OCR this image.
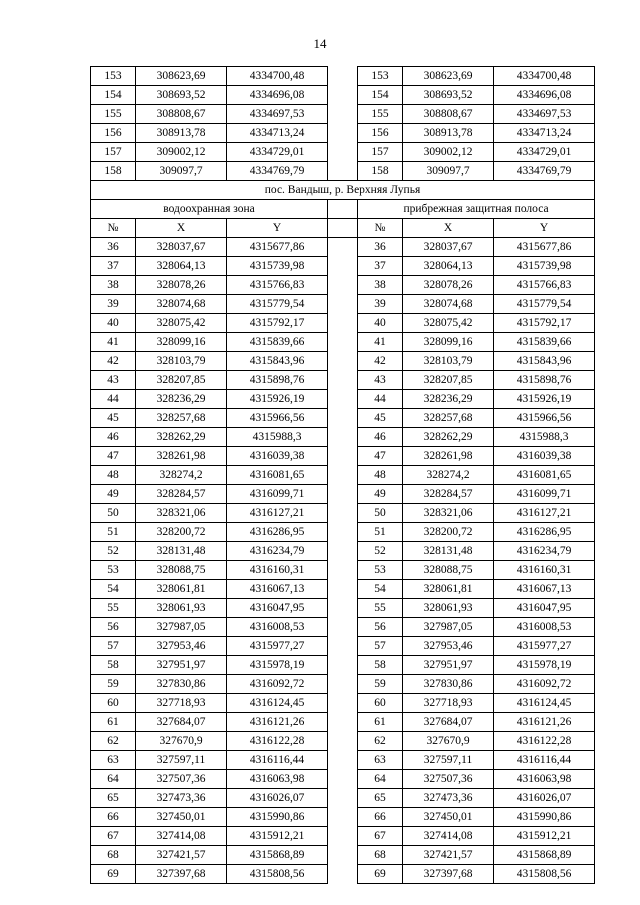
14
153	308623,69	4334700,48		153	308623,69	4334700,48
154	308693,52	4334696,08		154	308693,52	4334696,08
155	308808,67	4334697,53		155	308808,67	4334697,53
156	308913,78	4334713,24		156	308913,78	4334713,24
157	309002,12	4334729,01		157	309002,12	4334729,01
158	309097,7	4334769,79		158	309097,7	4334769,79
пос. Вандыш, р. Верхняя Лупья						
водоохранная зона				прибрежная защитная полоса		
№	X	Y		№	X	Y
36	328037,67	4315677,86		36	328037,67	4315677,86
37	328064,13	4315739,98		37	328064,13	4315739,98
38	328078,26	4315766,83		38	328078,26	4315766,83
39	328074,68	4315779,54		39	328074,68	4315779,54
40	328075,42	4315792,17		40	328075,42	4315792,17
41	328099,16	4315839,66		41	328099,16	4315839,66
42	328103,79	4315843,96		42	328103,79	4315843,96
43	328207,85	4315898,76		43	328207,85	4315898,76
44	328236,29	4315926,19		44	328236,29	4315926,19
45	328257,68	4315966,56		45	328257,68	4315966,56
46	328262,29	4315988,3		46	328262,29	4315988,3
47	328261,98	4316039,38		47	328261,98	4316039,38
48	328274,2	4316081,65		48	328274,2	4316081,65
49	328284,57	4316099,71		49	328284,57	4316099,71
50	328321,06	4316127,21		50	328321,06	4316127,21
51	328200,72	4316286,95		51	328200,72	4316286,95
52	328131,48	4316234,79		52	328131,48	4316234,79
53	328088,75	4316160,31		53	328088,75	4316160,31
54	328061,81	4316067,13		54	328061,81	4316067,13
55	328061,93	4316047,95		55	328061,93	4316047,95
56	327987,05	4316008,53		56	327987,05	4316008,53
57	327953,46	4315977,27		57	327953,46	4315977,27
58	327951,97	4315978,19		58	327951,97	4315978,19
59	327830,86	4316092,72		59	327830,86	4316092,72
60	327718,93	4316124,45		60	327718,93	4316124,45
61	327684,07	4316121,26		61	327684,07	4316121,26
62	327670,9	4316122,28		62	327670,9	4316122,28
63	327597,11	4316116,44		63	327597,11	4316116,44
64	327507,36	4316063,98		64	327507,36	4316063,98
65	327473,36	4316026,07		65	327473,36	4316026,07
66	327450,01	4315990,86		66	327450,01	4315990,86
67	327414,08	4315912,21		67	327414,08	4315912,21
68	327421,57	4315868,89		68	327421,57	4315868,89
69	327397,68	4315808,56		69	327397,68	4315808,56
